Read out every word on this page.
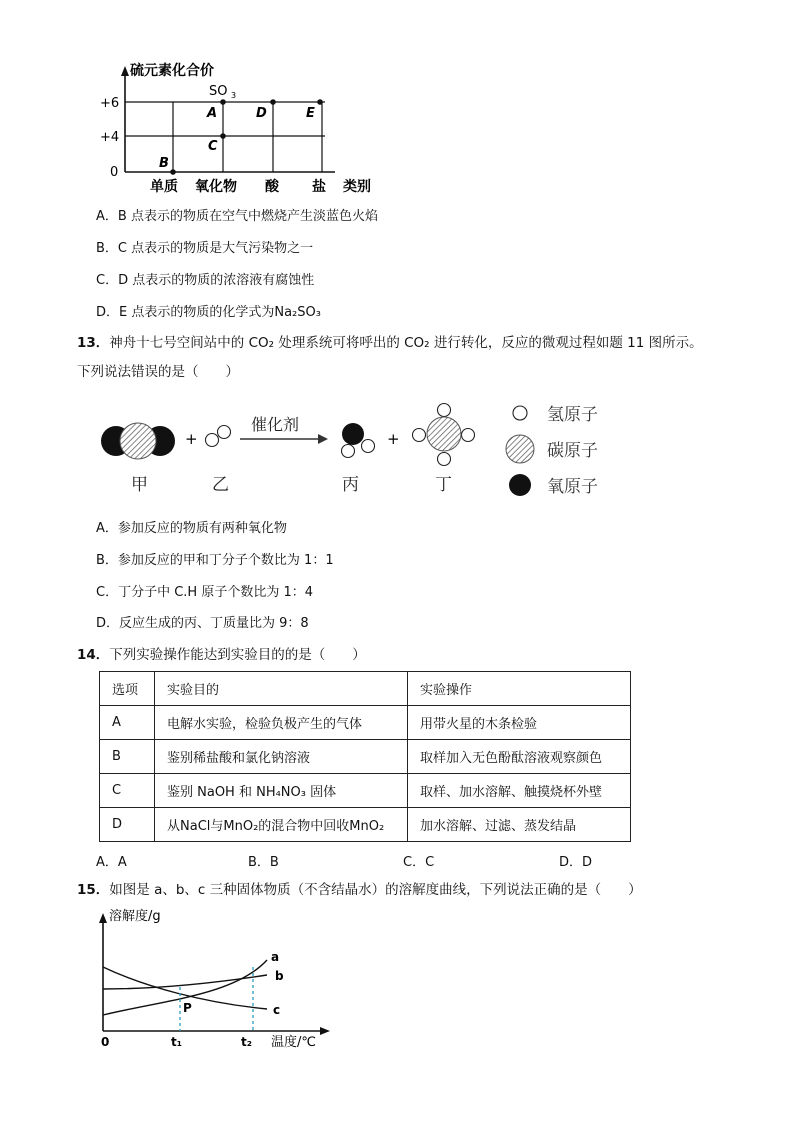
硫元素化合价
+6
+4
0
SO 3
A
B
C
D	E
单质 氧化物 酸 盐 类别
A．B 点表示的物质在空气中燃烧产生淡蓝色火焰
B．C 点表示的物质是大气污染物之一
C．D 点表示的物质的浓溶液有腐蚀性
D．E 点表示的物质的化学式为Na₂SO₃
13．神舟十七号空间站中的 CO₂ 处理系统可将呼出的 CO₂ 进行转化，反应的微观过程如题 11 图所示。
下列说法错误的是（　　）
+
催化剂
+
甲	乙	丙	丁
氢原子
碳原子
氧原子
A．参加反应的物质有两种氧化物
B．参加反应的甲和丁分子个数比为 1：1
C．丁分子中 C.H 原子个数比为 1：4
D．反应生成的丙、丁质量比为 9：8
14．下列实验操作能达到实验目的的是（　　）
选项	实验目的	实验操作
A	电解水实验，检验负极产生的气体	用带火星的木条检验
B	鉴别稀盐酸和氯化钠溶液	取样加入无色酚酞溶液观察颜色
C	鉴别 NaOH 和 NH₄NO₃ 固体	取样、加水溶解、触摸烧杯外壁
D	从NaCl与MnO₂的混合物中回收MnO₂	加水溶解、过滤、蒸发结晶
A．A	B．B	C．C	D．D
15．如图是 a、b、c 三种固体物质（不含结晶水）的溶解度曲线，下列说法正确的是（　　）
溶解度/g
0	t₁	t₂ 温度/℃
a
b
c
P
